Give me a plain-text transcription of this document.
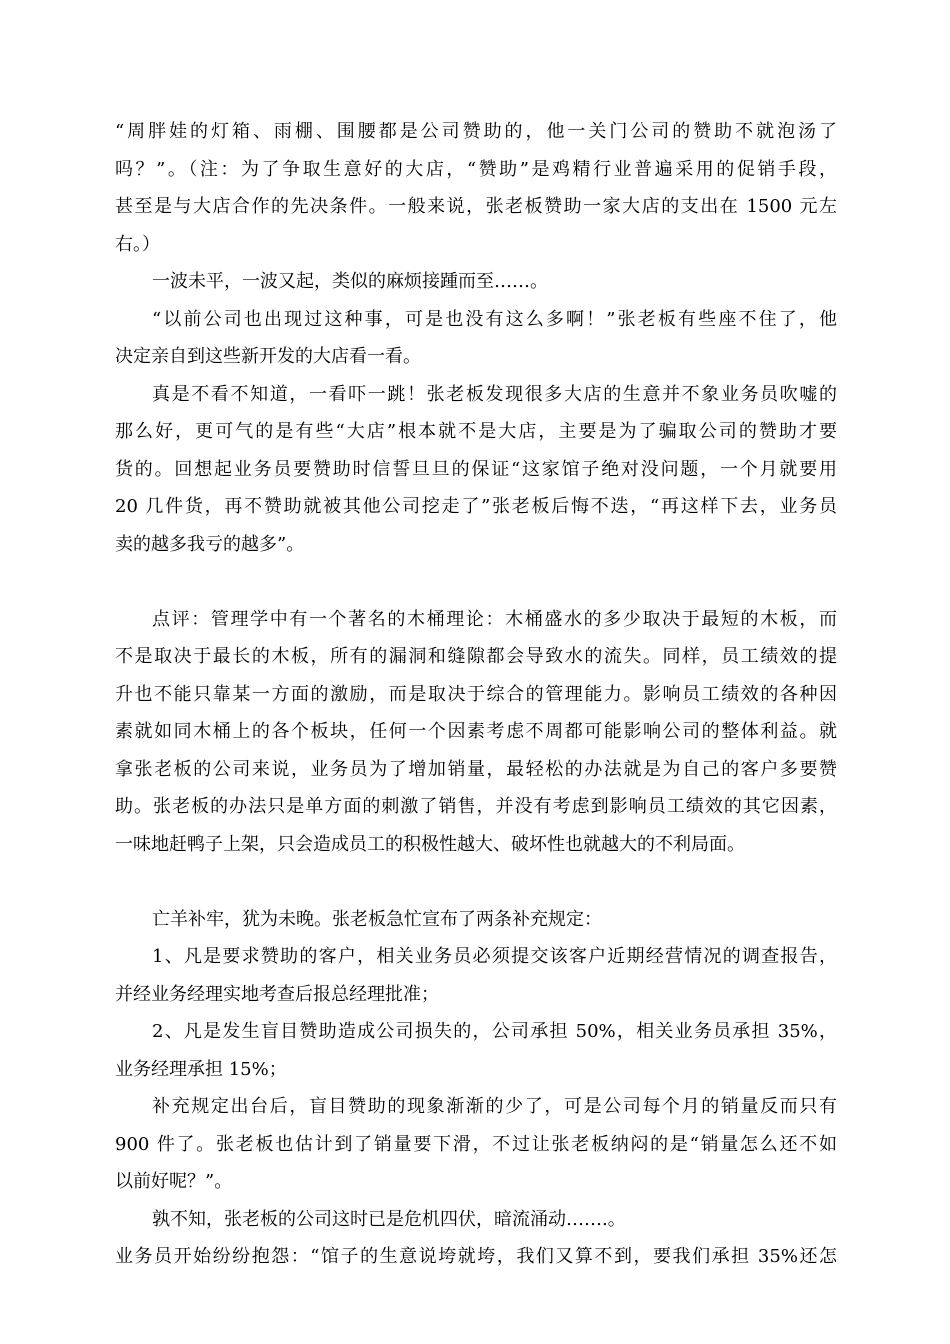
“周胖娃的灯箱、雨棚、围腰都是公司赞助的，他一关门公司的赞助不就泡汤了
吗？”。（注：为了争取生意好的大店，“赞助”是鸡精行业普遍采用的促销手段，
甚至是与大店合作的先决条件。一般来说，张老板赞助一家大店的支出在 1500 元左
右。）
一波未平，一波又起，类似的麻烦接踵而至……。
“以前公司也出现过这种事，可是也没有这么多啊！”张老板有些座不住了，他
决定亲自到这些新开发的大店看一看。
真是不看不知道，一看吓一跳！张老板发现很多大店的生意并不象业务员吹嘘的
那么好，更可气的是有些“大店”根本就不是大店，主要是为了骗取公司的赞助才要
货的。回想起业务员要赞助时信誓旦旦的保证“这家馆子绝对没问题，一个月就要用
20 几件货，再不赞助就被其他公司挖走了”张老板后悔不迭，“再这样下去，业务员
卖的越多我亏的越多”。
点评：管理学中有一个著名的木桶理论：木桶盛水的多少取决于最短的木板，而
不是取决于最长的木板，所有的漏洞和缝隙都会导致水的流失。同样，员工绩效的提
升也不能只靠某一方面的激励，而是取决于综合的管理能力。影响员工绩效的各种因
素就如同木桶上的各个板块，任何一个因素考虑不周都可能影响公司的整体利益。就
拿张老板的公司来说，业务员为了增加销量，最轻松的办法就是为自己的客户多要赞
助。张老板的办法只是单方面的刺激了销售，并没有考虑到影响员工绩效的其它因素，
一味地赶鸭子上架，只会造成员工的积极性越大、破坏性也就越大的不利局面。
亡羊补牢，犹为未晚。张老板急忙宣布了两条补充规定：
1、凡是要求赞助的客户，相关业务员必须提交该客户近期经营情况的调查报告，
并经业务经理实地考查后报总经理批准；
2、凡是发生盲目赞助造成公司损失的，公司承担 50%，相关业务员承担 35%，
业务经理承担 15%；
补充规定出台后，盲目赞助的现象渐渐的少了，可是公司每个月的销量反而只有
900 件了。张老板也估计到了销量要下滑，不过让张老板纳闷的是“销量怎么还不如
以前好呢？”。
孰不知，张老板的公司这时已是危机四伏，暗流涌动…….。
业务员开始纷纷抱怨：“馆子的生意说垮就垮，我们又算不到，要我们承担 35%还怎
